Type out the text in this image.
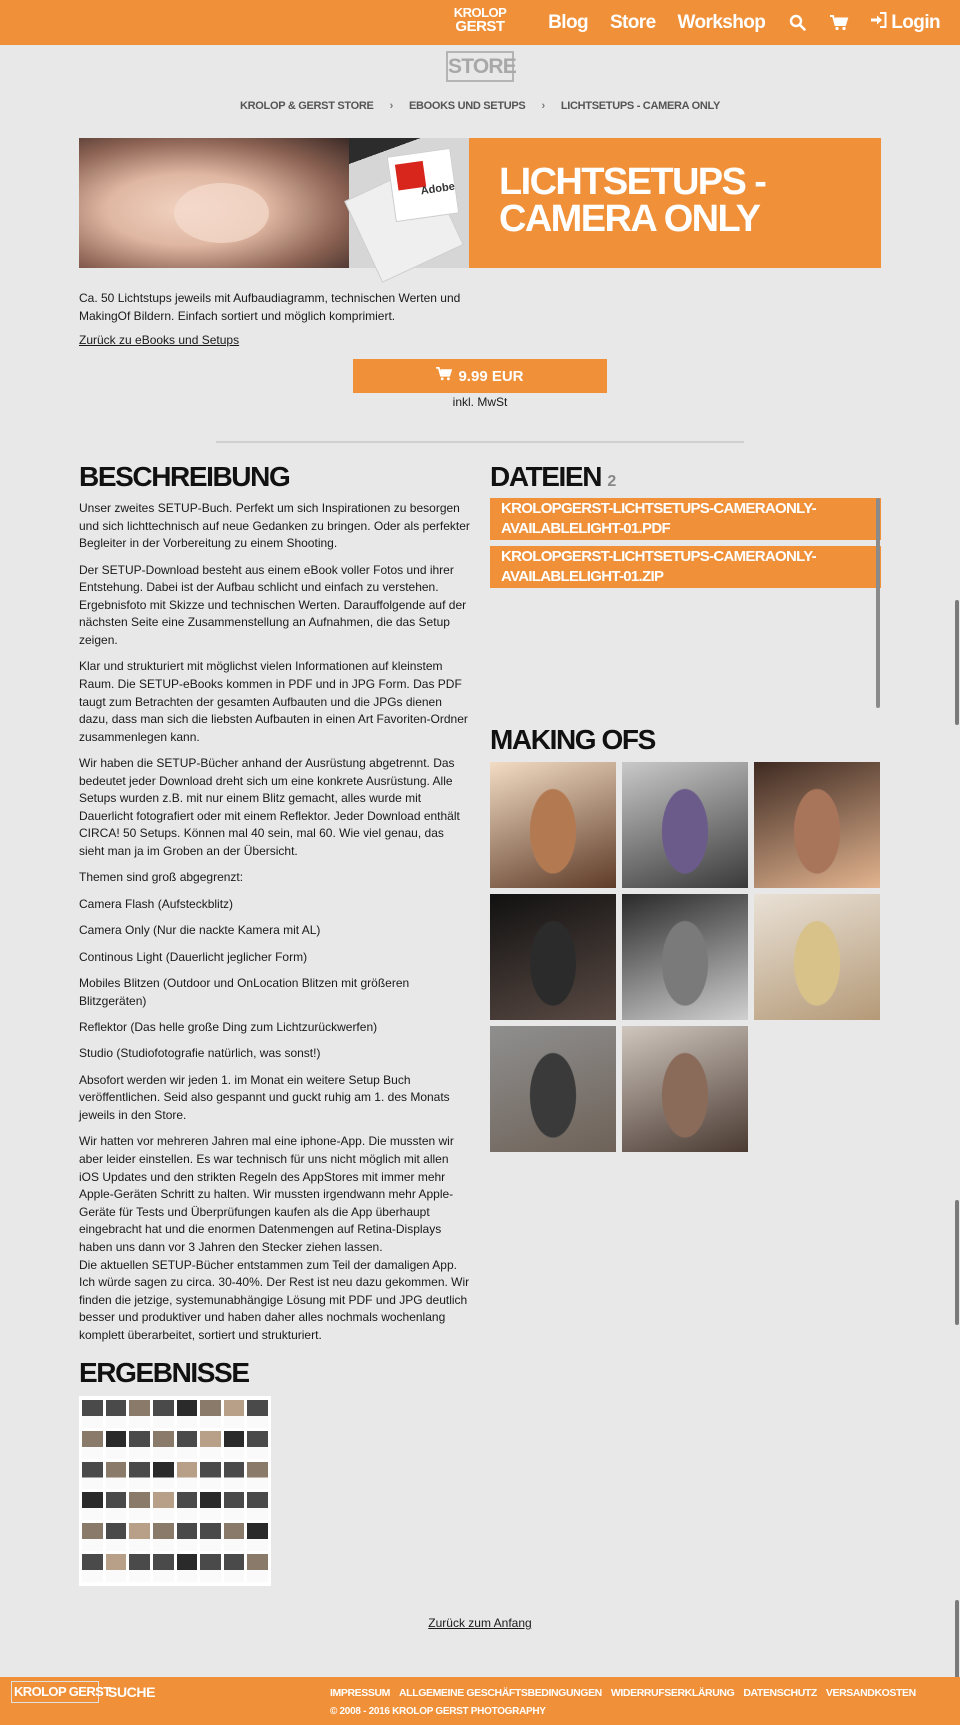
KROLOP
GERST Blog Store Workshop	Login
STORE
KROLOP & GERST STORE › EBOOKS UND SETUPS › LICHTSETUPS - CAMERA ONLY
Adobe LICHTSETUPS - CAMERA ONLY
Ca. 50 Lichtstups jeweils mit Aufbaudiagramm, technischen Werten und MakingOf Bildern. Einfach sortiert und möglich komprimiert.
Zurück zu eBooks und Setups
9.99 EUR
inkl. MwSt
BESCHREIBUNG

Unser zweites SETUP-Buch. Perfekt um sich Inspirationen zu besorgen und sich lichttechnisch auf neue Gedanken zu bringen. Oder als perfekter Begleiter in der Vorbereitung zu einem Shooting.

Der SETUP-Download besteht aus einem eBook voller Fotos und ihrer Entstehung. Dabei ist der Aufbau schlicht und einfach zu verstehen. Ergebnisfoto mit Skizze und technischen Werten. Darauffolgende auf der nächsten Seite eine Zusammenstellung an Aufnahmen, die das Setup zeigen.

Klar und strukturiert mit möglichst vielen Informationen auf kleinstem Raum. Die SETUP-eBooks kommen in PDF und in JPG Form. Das PDF taugt zum Betrachten der gesamten Aufbauten und die JPGs dienen dazu, dass man sich die liebsten Aufbauten in einen Art Favoriten-Ordner zusammenlegen kann.

Wir haben die SETUP-Bücher anhand der Ausrüstung abgetrennt. Das bedeutet jeder Download dreht sich um eine konkrete Ausrüstung. Alle Setups wurden z.B. mit nur einem Blitz gemacht, alles wurde mit Dauerlicht fotografiert oder mit einem Reflektor. Jeder Download enthält CIRCA! 50 Setups. Können mal 40 sein, mal 60. Wie viel genau, das sieht man ja im Groben an der Übersicht.

Themen sind groß abgegrenzt:

Camera Flash (Aufsteckblitz)

Camera Only (Nur die nackte Kamera mit AL)

Continous Light (Dauerlicht jeglicher Form)

Mobiles Blitzen (Outdoor und OnLocation Blitzen mit größeren Blitzgeräten)

Reflektor (Das helle große Ding zum Lichtzurückwerfen)

Studio (Studiofotografie natürlich, was sonst!)

Absofort werden wir jeden 1. im Monat ein weitere Setup Buch veröffentlichen. Seid also gespannt und guckt ruhig am 1. des Monats jeweils in den Store.

Wir hatten vor mehreren Jahren mal eine iphone-App. Die mussten wir aber leider einstellen. Es war technisch für uns nicht möglich mit allen iOS Updates und den strikten Regeln des AppStores mit immer mehr Apple-Geräten Schritt zu halten. Wir mussten irgendwann mehr Apple-Geräte für Tests und Überprüfungen kaufen als die App überhaupt eingebracht hat und die enormen Datenmengen auf Retina-Displays haben uns dann vor 3 Jahren den Stecker ziehen lassen.
Die aktuellen SETUP-Bücher entstammen zum Teil der damaligen App. Ich würde sagen zu circa. 30-40%. Der Rest ist neu dazu gekommen. Wir finden die jetzige, systemunabhängige Lösung mit PDF und JPG deutlich besser und produktiver und haben daher alles nochmals wochenlang komplett überarbeitet, sortiert und strukturiert.

DATEIEN 2
KROLOPGERST-LICHTSETUPS-CAMERAONLY-AVAILABLELIGHT-01.PDF
KROLOPGERST-LICHTSETUPS-CAMERAONLY-AVAILABLELIGHT-01.ZIP
MAKING OFS
ERGEBNISSE
Zurück zum Anfang
KROLOP GERST
SUCHE	IMPRESSUM ALLGEMEINE GESCHÄFTSBEDINGUNGEN WIDERRUFSERKLÄRUNG DATENSCHUTZ VERSANDKOSTEN
© 2008 - 2016 KROLOP GERST PHOTOGRAPHY
